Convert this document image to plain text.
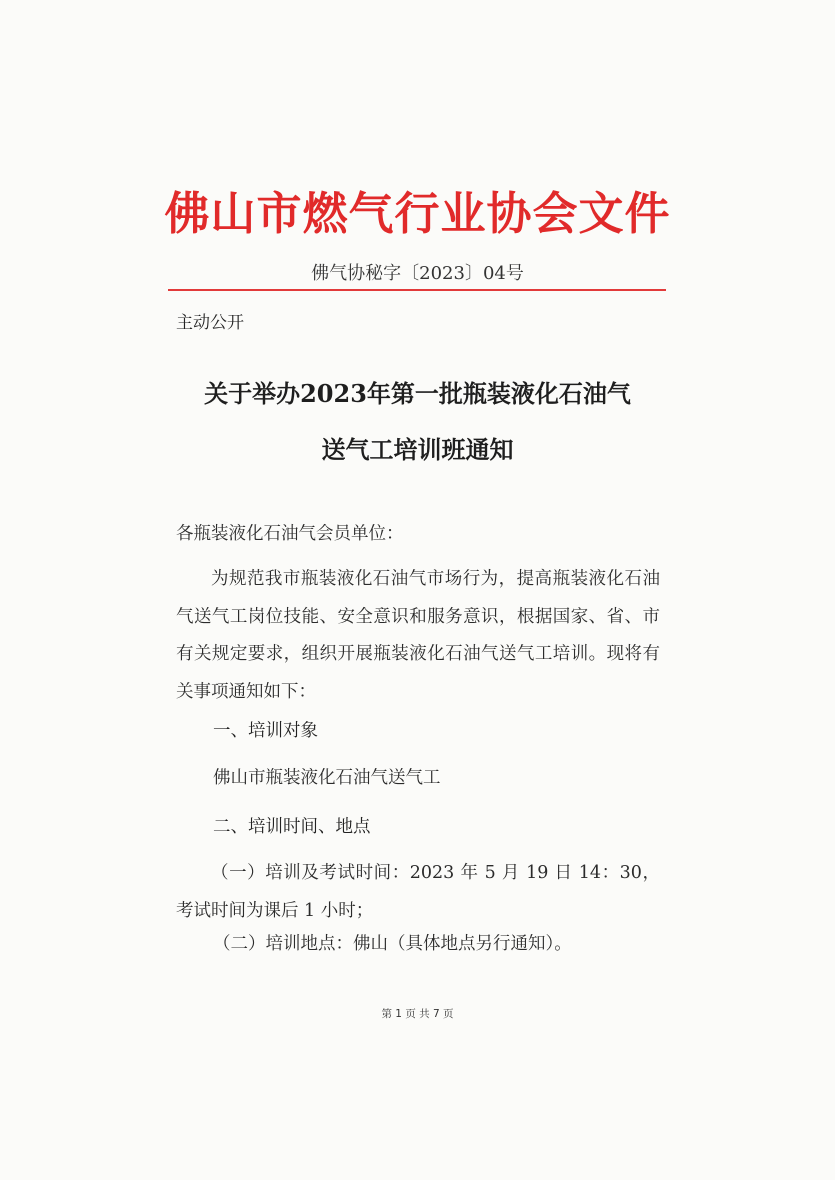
佛山市燃气行业协会文件
佛气协秘字〔2023〕04号
主动公开
关于举办2023年第一批瓶装液化石油气
送气工培训班通知
各瓶装液化石油气会员单位：
为规范我市瓶装液化石油气市场行为，提高瓶装液化石油气送气工岗位技能、安全意识和服务意识，根据国家、省、市有关规定要求，组织开展瓶装液化石油气送气工培训。现将有关事项通知如下：
一、培训对象
佛山市瓶装液化石油气送气工
二、培训时间、地点
（一）培训及考试时间：2023 年 5 月 19 日 14：30，考试时间为课后 1 小时；
（二）培训地点：佛山（具体地点另行通知）。
第 1 页 共 7 页
